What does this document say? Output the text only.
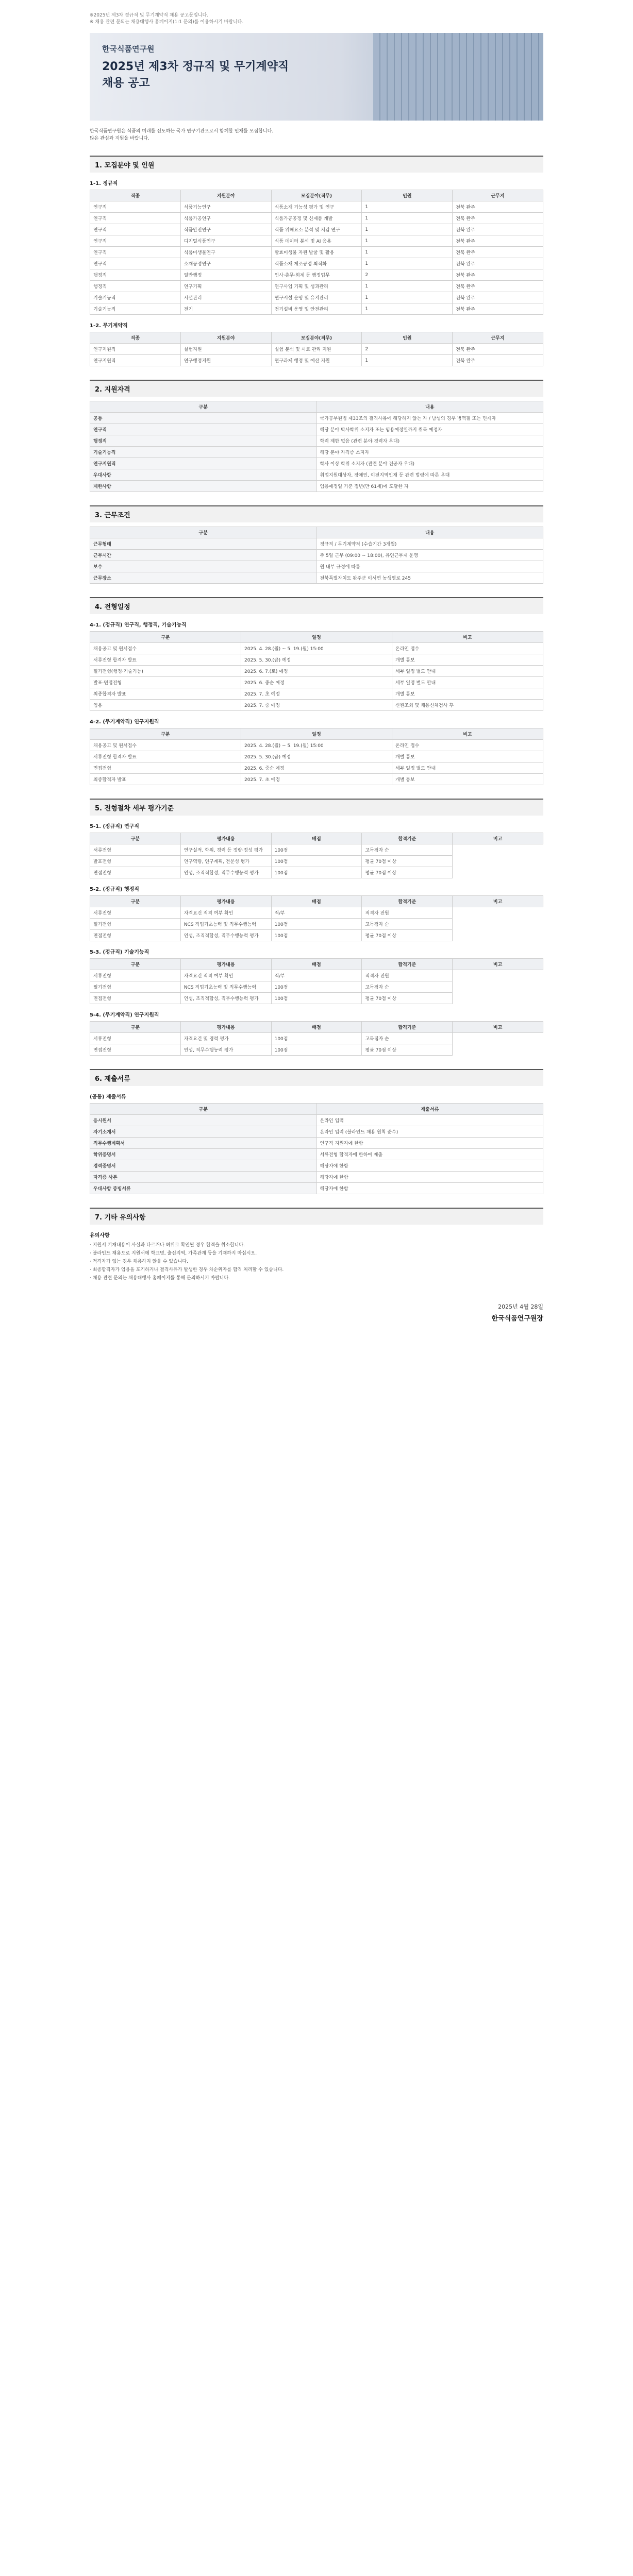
※2025년 제3차 정규직 및 무기계약직 채용 공고문입니다.
※ 채용 관련 문의는 채용대행사 홈페이지(1:1 문의)를 이용하시기 바랍니다.
한국식품연구원
2025년 제3차 정규직 및 무기계약직
채용 공고
한국식품연구원은 식품의 미래를 선도하는 국가 연구기관으로서 함께할 인재를 모집합니다.
많은 관심과 지원을 바랍니다.
1. 모집분야 및 인원
1-1. 정규직
직종	지원분야	모집분야(직무)	인원	근무지
연구직	식품기능연구	식품소재 기능성 평가 및 연구	1	전북 완주
연구직	식품가공연구	식품가공공정 및 신제품 개발	1	전북 완주
연구직	식품안전연구	식품 위해요소 분석 및 저감 연구	1	전북 완주
연구직	디지털식품연구	식품 데이터 분석 및 AI 응용	1	전북 완주
연구직	식품미생물연구	발효미생물 자원 발굴 및 활용	1	전북 완주
연구직	소재공정연구	식품소재 제조공정 최적화	1	전북 완주
행정직	일반행정	인사·총무·회계 등 행정업무	2	전북 완주
행정직	연구기획	연구사업 기획 및 성과관리	1	전북 완주
기술기능직	시설관리	연구시설 운영 및 유지관리	1	전북 완주
기술기능직	전기	전기설비 운영 및 안전관리	1	전북 완주
1-2. 무기계약직
직종	지원분야	모집분야(직무)	인원	근무지
연구지원직	실험지원	실험 분석 및 시료 관리 지원	2	전북 완주
연구지원직	연구행정지원	연구과제 행정 및 예산 지원	1	전북 완주
2. 지원자격
구분	내용
공통	국가공무원법 제33조의 결격사유에 해당하지 않는 자 / 남성의 경우 병역필 또는 면제자
연구직	해당 분야 박사학위 소지자 또는 임용예정일까지 취득 예정자
행정직	학력 제한 없음 (관련 분야 경력자 우대)
기술기능직	해당 분야 자격증 소지자
연구지원직	학사 이상 학위 소지자 (관련 분야 전공자 우대)
우대사항	취업지원대상자, 장애인, 이전지역인재 등 관련 법령에 따른 우대
제한사항	임용예정일 기준 정년(만 61세)에 도달한 자
3. 근무조건
구분	내용
근무형태	정규직 / 무기계약직 (수습기간 3개월)
근무시간	주 5일 근무 (09:00 ~ 18:00), 유연근무제 운영
보수	원 내부 규정에 따름
근무장소	전북특별자치도 완주군 이서면 농생명로 245
4. 전형일정
4-1. (정규직) 연구직, 행정직, 기술기능직
구분	일정	비고
채용공고 및 원서접수	2025. 4. 28.(월) ~ 5. 19.(월) 15:00	온라인 접수
서류전형 합격자 발표	2025. 5. 30.(금) 예정	개별 통보
필기전형(행정·기술기능)	2025. 6. 7.(토) 예정	세부 일정 별도 안내
발표·면접전형	2025. 6. 중순 예정	세부 일정 별도 안내
최종합격자 발표	2025. 7. 초 예정	개별 통보
임용	2025. 7. 중 예정	신원조회 및 채용신체검사 후
4-2. (무기계약직) 연구지원직
구분	일정	비고
채용공고 및 원서접수	2025. 4. 28.(월) ~ 5. 19.(월) 15:00	온라인 접수
서류전형 합격자 발표	2025. 5. 30.(금) 예정	개별 통보
면접전형	2025. 6. 중순 예정	세부 일정 별도 안내
최종합격자 발표	2025. 7. 초 예정	개별 통보
5. 전형절차 세부 평가기준
5-1. (정규직) 연구직
구분	평가내용	배점	합격기준	비고
서류전형	연구실적, 학위, 경력 등 정량·정성 평가	100점	고득점자 순	
발표전형	연구역량, 연구계획, 전문성 평가	100점	평균 70점 이상	
면접전형	인성, 조직적합성, 직무수행능력 평가	100점	평균 70점 이상	
5-2. (정규직) 행정직
구분	평가내용	배점	합격기준	비고
서류전형	자격요건 적격 여부 확인	적/부	적격자 전원	
필기전형	NCS 직업기초능력 및 직무수행능력	100점	고득점자 순	
면접전형	인성, 조직적합성, 직무수행능력 평가	100점	평균 70점 이상	
5-3. (정규직) 기술기능직
구분	평가내용	배점	합격기준	비고
서류전형	자격요건 적격 여부 확인	적/부	적격자 전원	
필기전형	NCS 직업기초능력 및 직무수행능력	100점	고득점자 순	
면접전형	인성, 조직적합성, 직무수행능력 평가	100점	평균 70점 이상	
5-4. (무기계약직) 연구지원직
구분	평가내용	배점	합격기준	비고
서류전형	자격요건 및 경력 평가	100점	고득점자 순	
면접전형	인성, 직무수행능력 평가	100점	평균 70점 이상	
6. 제출서류
(공통) 제출서류
구분	제출서류
응시원서	온라인 입력
자기소개서	온라인 입력 (블라인드 채용 원칙 준수)
직무수행계획서	연구직 지원자에 한함
학위증명서	서류전형 합격자에 한하여 제출
경력증명서	해당자에 한함
자격증 사본	해당자에 한함
우대사항 증빙서류	해당자에 한함
7. 기타 유의사항
유의사항
· 지원서 기재내용이 사실과 다르거나 허위로 확인될 경우 합격을 취소합니다.
· 블라인드 채용으로 지원서에 학교명, 출신지역, 가족관계 등을 기재하지 마십시오.
· 적격자가 없는 경우 채용하지 않을 수 있습니다.
· 최종합격자가 임용을 포기하거나 결격사유가 발생한 경우 차순위자를 합격 처리할 수 있습니다.
· 채용 관련 문의는 채용대행사 홈페이지를 통해 문의하시기 바랍니다.
2025년 4월 28일
한국식품연구원장
